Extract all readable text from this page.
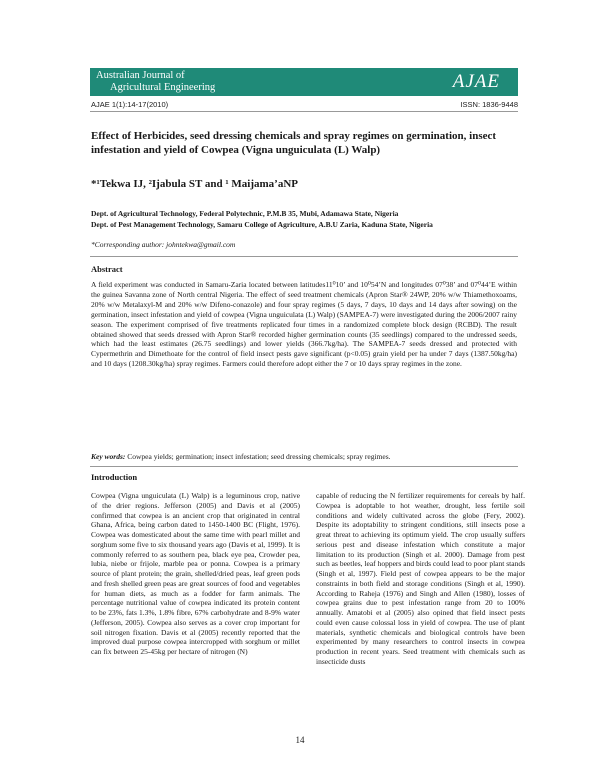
Australian Journal of
Agricultural Engineering	AJAE
AJAE 1(1):14-17(2010)	ISSN: 1836-9448
Effect of Herbicides, seed dressing chemicals and spray regimes on germination, insect infestation and yield of Cowpea (Vigna unguiculata (L) Walp)
*¹Tekwa IJ, ²Ijabula ST and ¹ Maijama’aNP
Dept. of Agricultural Technology, Federal Polytechnic, P.M.B 35, Mubi, Adamawa State, Nigeria
Dept. of Pest Management Technology, Samaru College of Agriculture, A.B.U Zaria, Kaduna State, Nigeria
*Corresponding author: johntekwa@gmail.com
Abstract
A field experiment was conducted in Samaru-Zaria located between latitudes11⁰10’ and 10⁰54’N and longitudes 07⁰38’ and 07⁰44’E within the guinea Savanna zone of North central Nigeria. The effect of seed treatment chemicals (Apron Star® 24WP, 20% w/w Thiamethoxoams, 20% w/w Metalaxyl-M and 20% w/w Difeno-conazole) and four spray regimes (5 days, 7 days, 10 days and 14 days after sowing) on the germination, insect infestation and yield of cowpea (Vigna unguiculata (L) Walp) (SAMPEA-7) were investigated during the 2006/2007 rainy season. The experiment comprised of five treatments replicated four times in a randomized complete block design (RCBD). The result obtained showed that seeds dressed with Apron Star® recorded higher germination counts (35 seedlings) compared to the undressed seeds, which had the least estimates (26.75 seedlings) and lower yields (366.7kg/ha). The SAMPEA-7 seeds dressed and protected with Cypermethrin and Dimethoate for the control of field insect pests gave significant (p<0.05) grain yield per ha under 7 days (1387.50kg/ha) and 10 days (1208.30kg/ha) spray regimes. Farmers could therefore adopt either the 7 or 10 days spray regimes in the zone.
Key words: Cowpea yields; germination; insect infestation; seed dressing chemicals; spray regimes.
Introduction
Cowpea (Vigna unguiculata (L) Walp) is a leguminous crop, native of the drier regions. Jefferson (2005) and Davis et al (2005) confirmed that cowpea is an ancient crop that originated in central Ghana, Africa, being carbon dated to 1450-1400 BC (Flight, 1976). Cowpea was domesticated about the same time with pearl millet and sorghum some five to six thousand years ago (Davis et al, 1999). It is commonly referred to as southern pea, black eye pea, Crowder pea, lubia, niebe or frijole, marble pea or ponna. Cowpea is a primary source of plant protein; the grain, shelled/dried peas, leaf green pods and fresh shelled green peas are great sources of food and vegetables for human diets, as much as a fodder for farm animals. The percentage nutritional value of cowpea indicated its protein content to be 23%, fats 1.3%, 1.8% fibre, 67% carbohydrate and 8-9% water (Jefferson, 2005). Cowpea also serves as a cover crop important for soil nitrogen fixation. Davis et al (2005) recently reported that the improved dual purpose cowpea intercropped with sorghum or millet can fix between 25-45kg per hectare of nitrogen (N)
capable of reducing the N fertilizer requirements for cereals by half. Cowpea is adoptable to hot weather, drought, less fertile soil conditions and widely cultivated across the globe (Fery, 2002). Despite its adoptability to stringent conditions, still insects pose a great threat to achieving its optimum yield. The crop usually suffers serious pest and disease infestation which constitute a major limitation to its production (Singh et al. 2000). Damage from pest such as beetles, leaf hoppers and birds could lead to poor plant stands (Singh et al, 1997). Field pest of cowpea appears to be the major constraints in both field and storage conditions (Singh et al, 1990). According to Raheja (1976) and Singh and Allen (1980), losses of cowpea grains due to pest infestation range from 20 to 100% annually. Amatobi et al (2005) also opined that field insect pests could even cause colossal loss in yield of cowpea. The use of plant materials, synthetic chemicals and biological controls have been experimented by many researchers to control insects in cowpea production in recent years. Seed treatment with chemicals such as insecticide dusts
14
